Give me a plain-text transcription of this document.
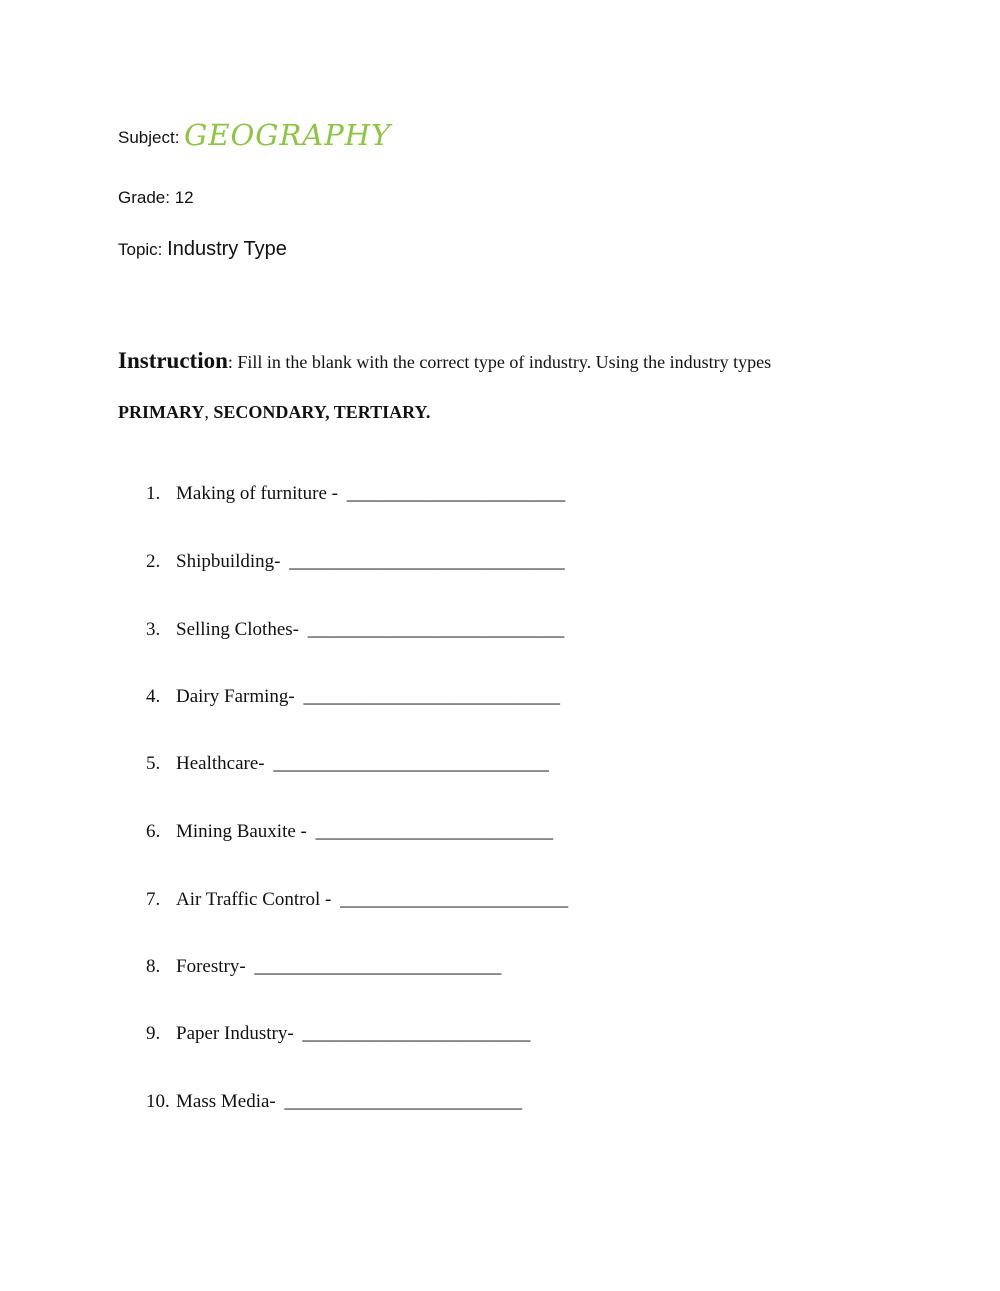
Subject: GEOGRAPHY
Grade: 12
Topic: Industry Type
Instruction: Fill in the blank with the correct type of industry. Using the industry types
PRIMARY, SECONDARY, TERTIARY.
1. Making of furniture - _______________________
2. Shipbuilding- _____________________________
3. Selling Clothes- ___________________________
4. Dairy Farming- ___________________________
5. Healthcare- _____________________________
6. Mining Bauxite - _________________________
7. Air Traffic Control - ________________________
8. Forestry- __________________________
9. Paper Industry- ________________________
10. Mass Media- _________________________
